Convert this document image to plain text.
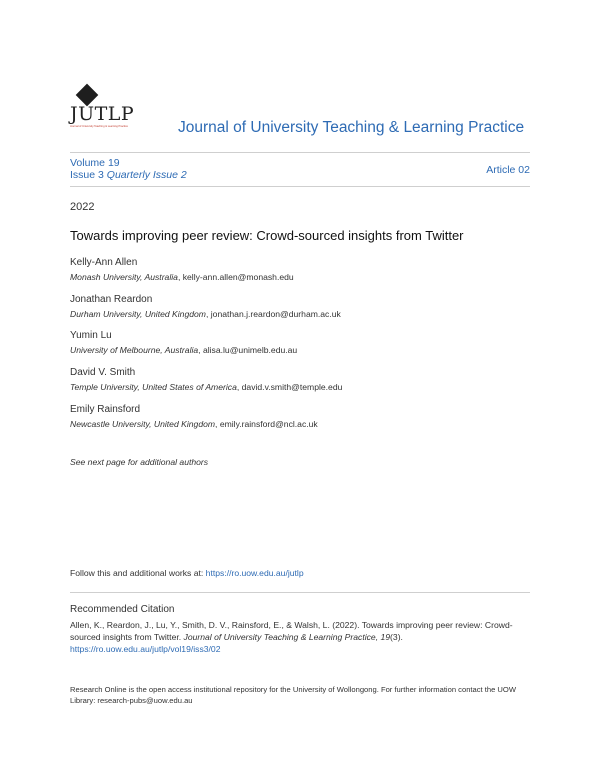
JUTLP
Journal of University Teaching & Learning Practice	Journal of University Teaching & Learning Practice
Volume 19
Issue 3 Quarterly Issue 2	Article 02
2022
Towards improving peer review: Crowd-sourced insights from Twitter
Kelly-Ann Allen
Monash University, Australia, kelly-ann.allen@monash.edu
Jonathan Reardon
Durham University, United Kingdom, jonathan.j.reardon@durham.ac.uk
Yumin Lu
University of Melbourne, Australia, alisa.lu@unimelb.edu.au
David V. Smith
Temple University, United States of America, david.v.smith@temple.edu
Emily Rainsford
Newcastle University, United Kingdom, emily.rainsford@ncl.ac.uk
See next page for additional authors
Follow this and additional works at: https://ro.uow.edu.au/jutlp
Recommended Citation
Allen, K., Reardon, J., Lu, Y., Smith, D. V., Rainsford, E., & Walsh, L. (2022). Towards improving peer review: Crowd-sourced insights from Twitter. Journal of University Teaching & Learning Practice, 19(3).
https://ro.uow.edu.au/jutlp/vol19/iss3/02
Research Online is the open access institutional repository for the University of Wollongong. For further information contact the UOW Library: research-pubs@uow.edu.au
